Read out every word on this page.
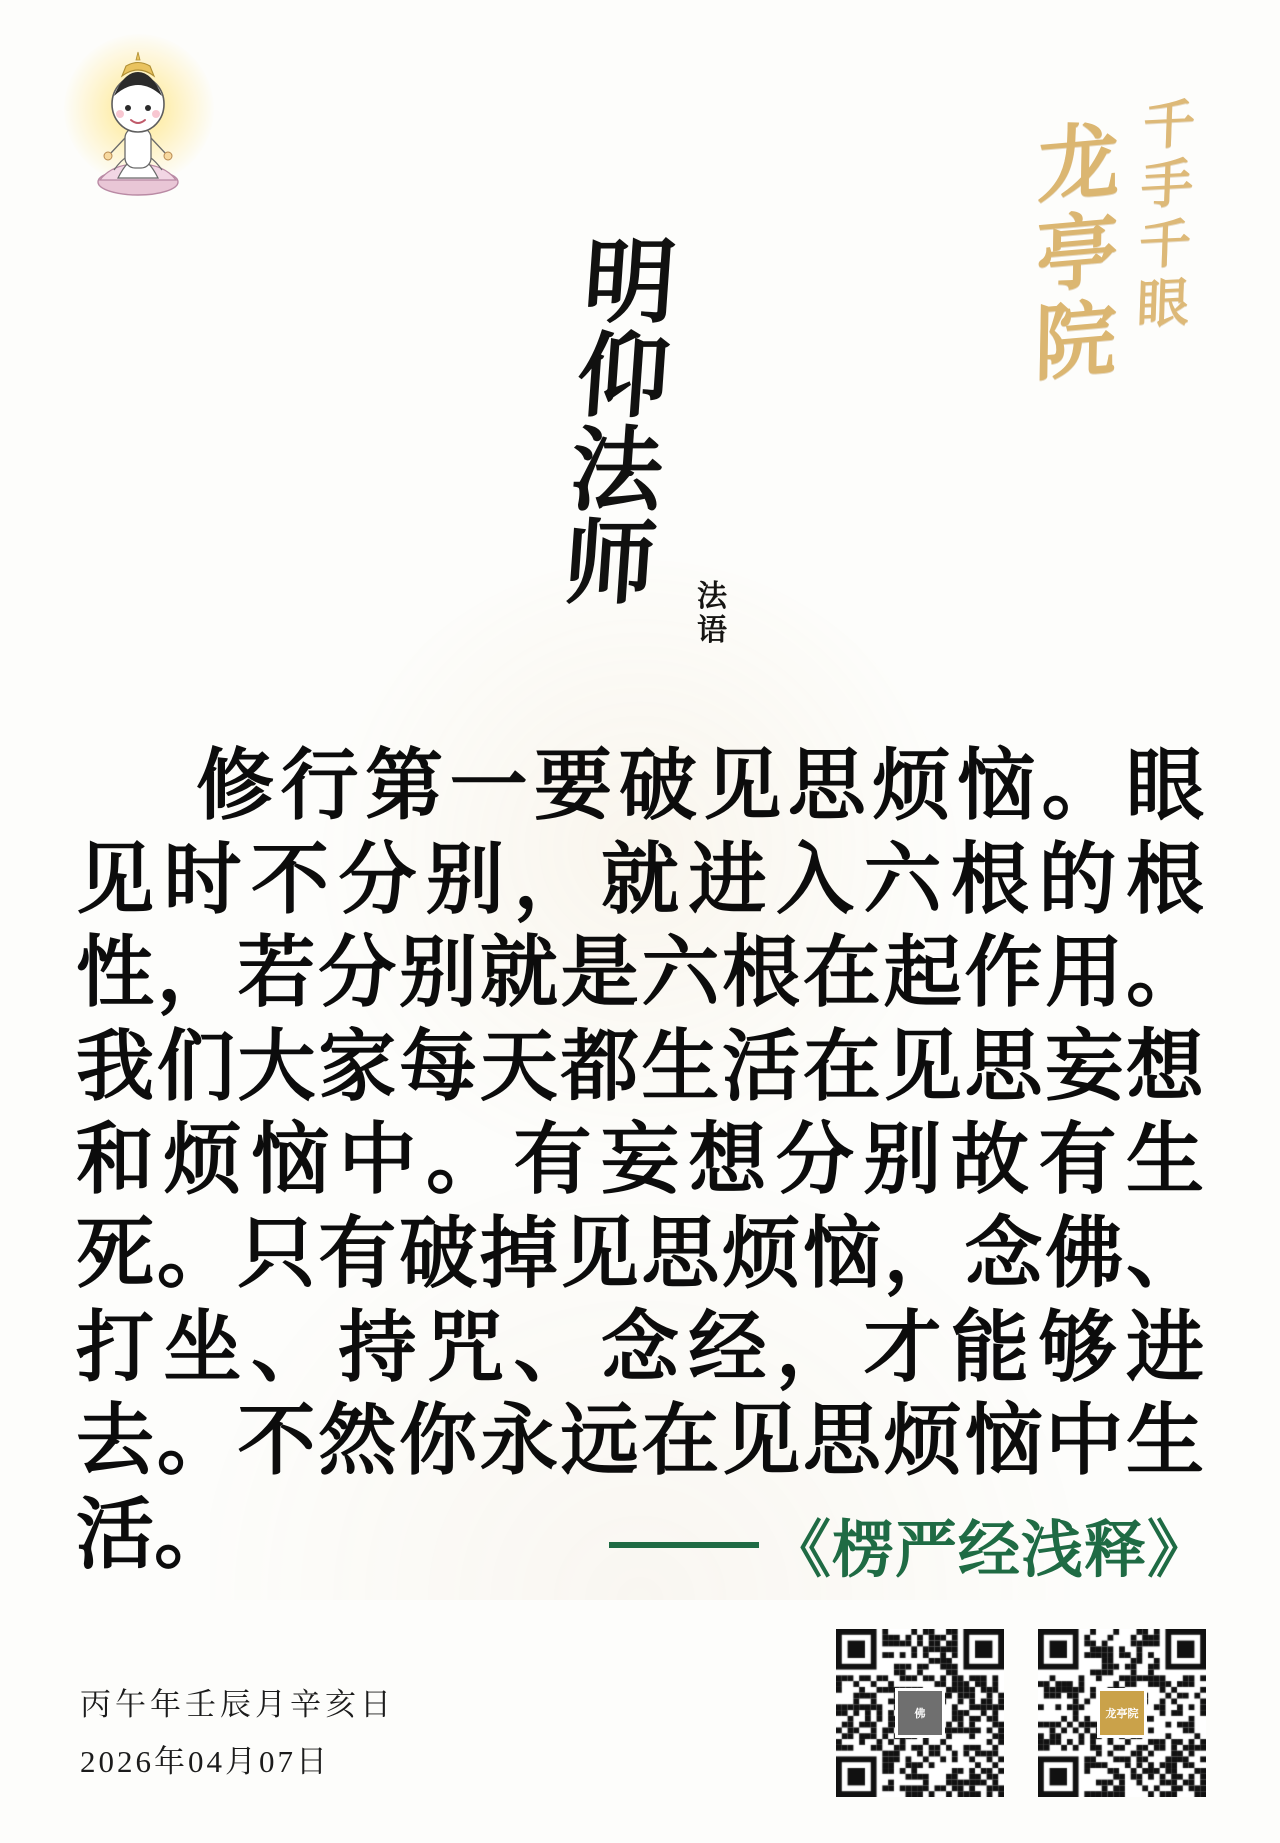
龙
亭
院
千
手
千
眼
明
仰
法
师	法
语
修行第一要破见思烦恼。眼见时不分别，就进入六根的根性，若分别就是六根在起作用。我们大家每天都生活在见思妄想和烦恼中。有妄想分别故有生死。只有破掉见思烦恼，念佛、打坐、持咒、念经，才能够进去。不然你永远在见思烦恼中生活。	《楞严经浅释》
丙午年壬辰月辛亥日
2026年04月07日
佛	龙亭院
